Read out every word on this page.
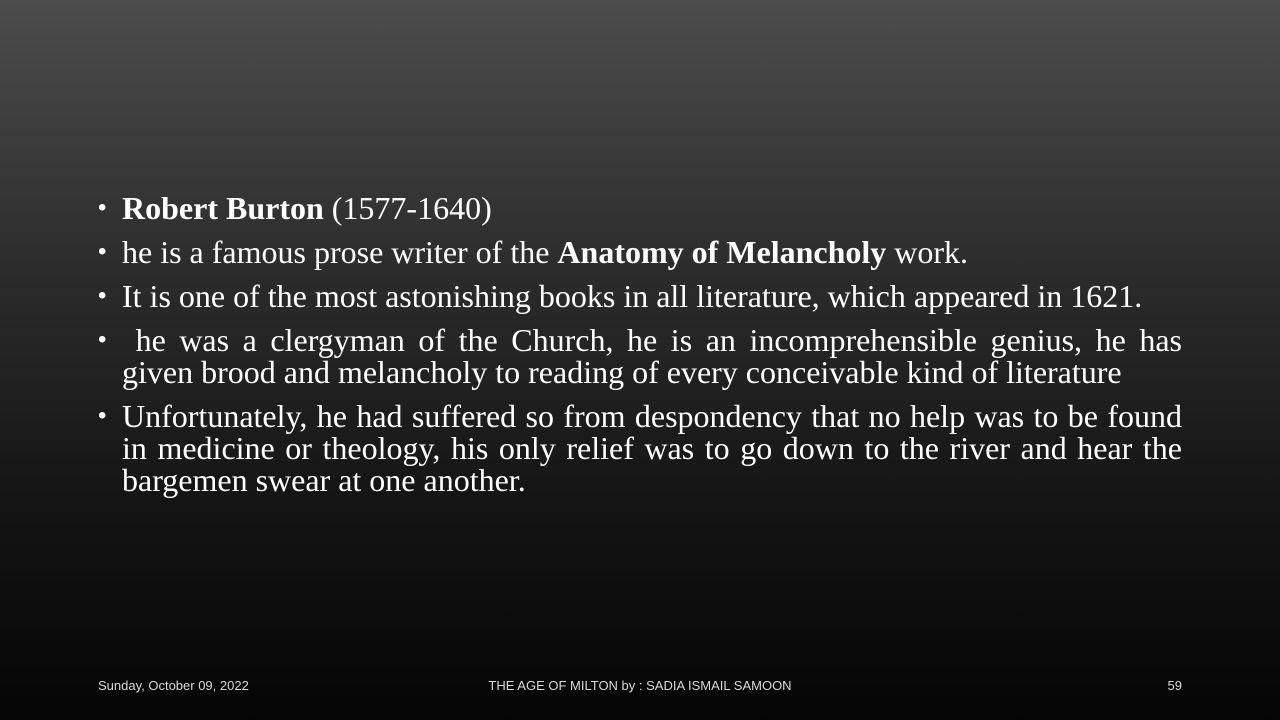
• Robert Burton (1577-1640)
• he is a famous prose writer of the Anatomy of Melancholy work.
• It is one of the most astonishing books in all literature, which appeared in 1621.
• he was a clergyman of the Church, he is an incomprehensible genius, he has given brood and melancholy to reading of every conceivable kind of literature
• Unfortunately, he had suffered so from despondency that no help was to be found in medicine or theology, his only relief was to go down to the river and hear the bargemen swear at one another.
Sunday, October 09, 2022	THE AGE OF MILTON by : SADIA ISMAIL SAMOON	59
